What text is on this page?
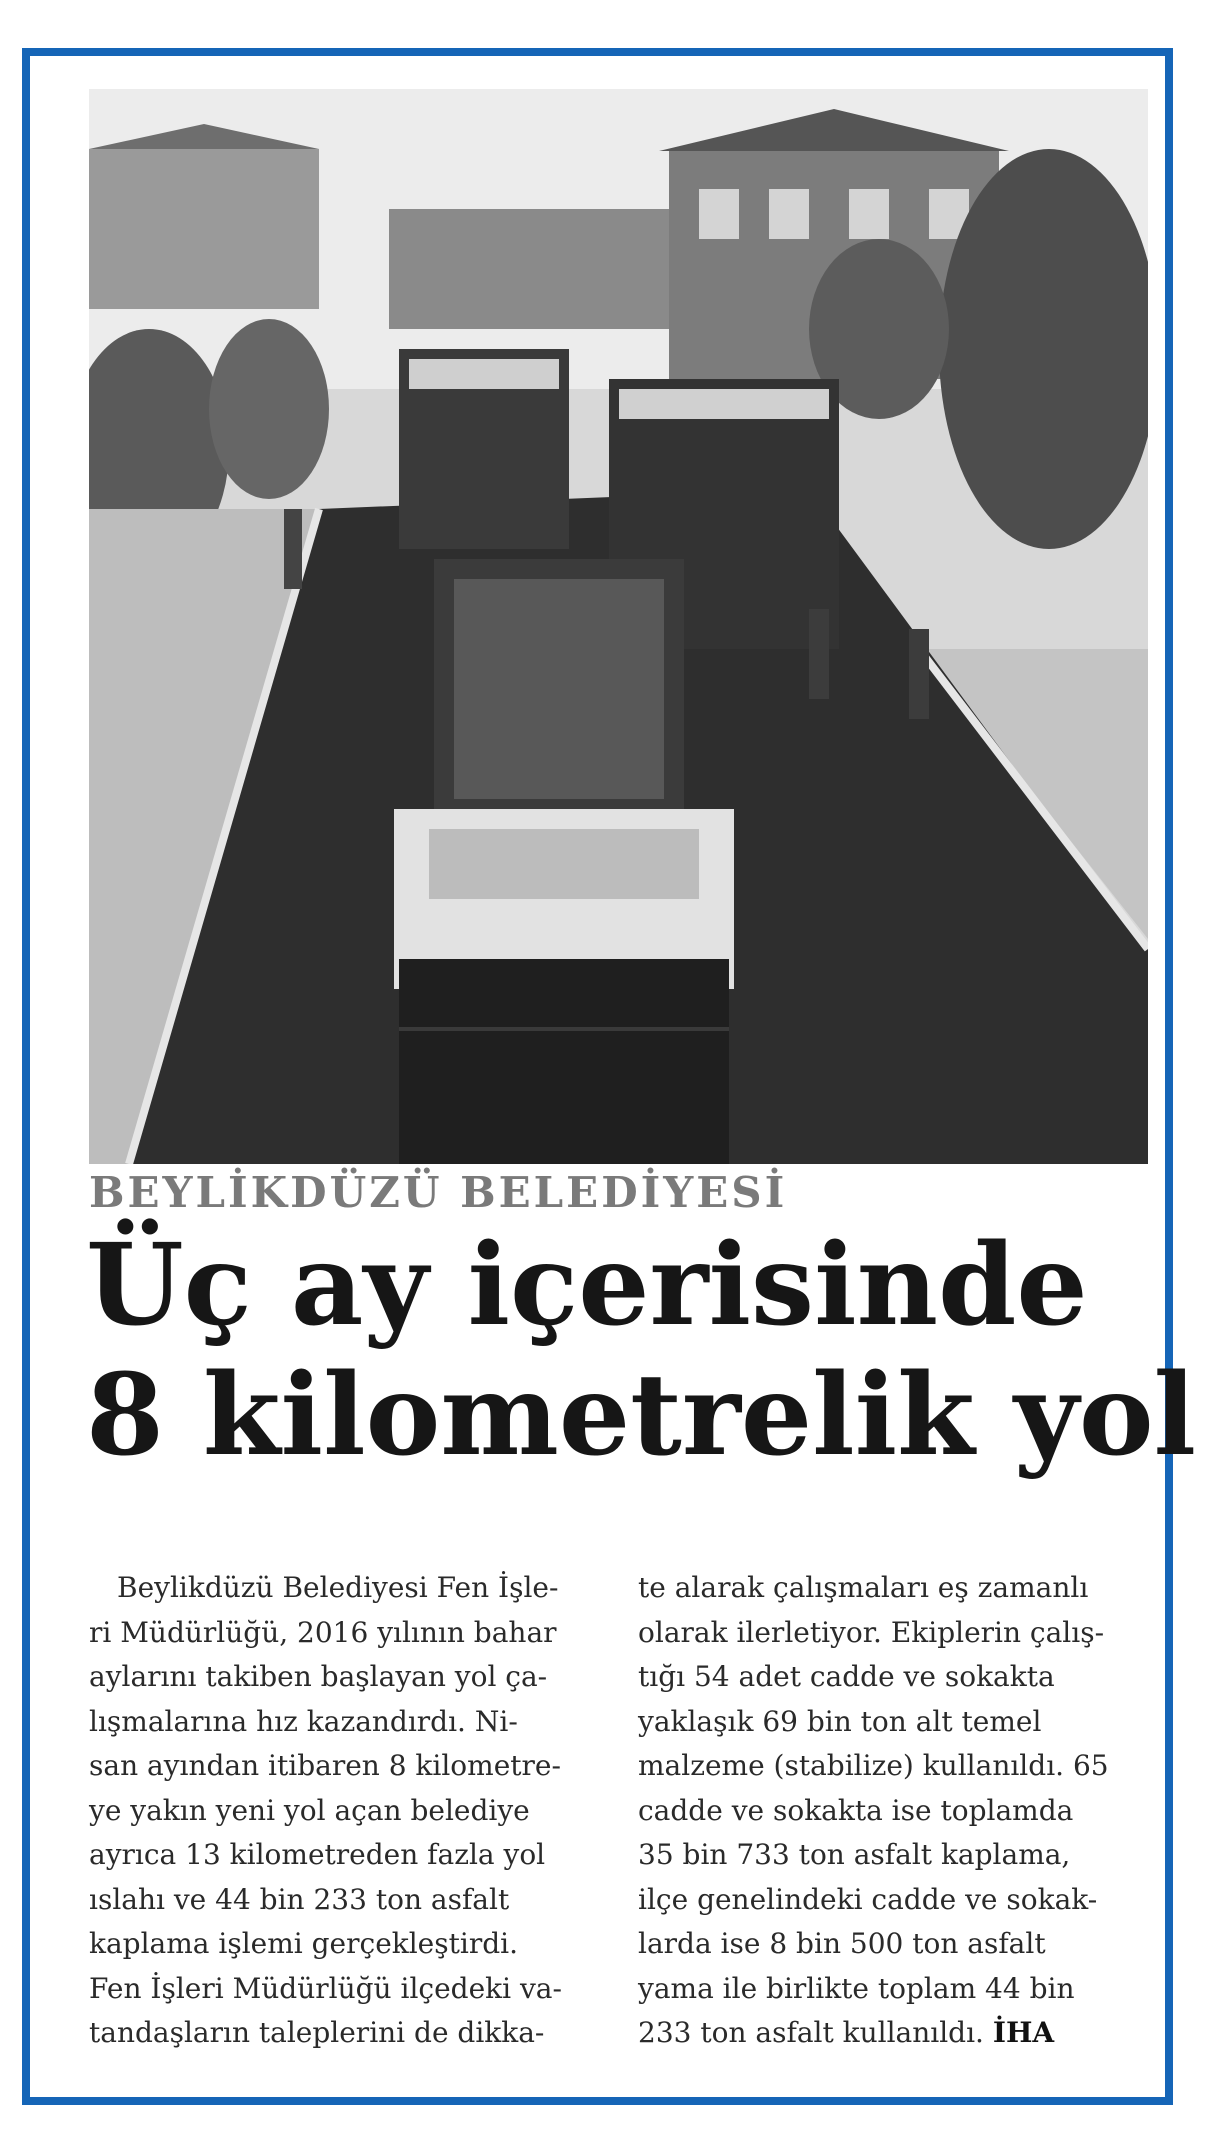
BEYLİKDÜZÜ BELEDİYESİ
Üç ay içerisinde
8 kilometrelik yol
Beylikdüzü Belediyesi Fen İşle-
ri Müdürlüğü, 2016 yılının bahar
aylarını takiben başlayan yol ça-
lışmalarına hız kazandırdı. Ni-
san ayından itibaren 8 kilometre-
ye yakın yeni yol açan belediye
ayrıca 13 kilometreden fazla yol
ıslahı ve 44 bin 233 ton asfalt
kaplama işlemi gerçekleştirdi.
Fen İşleri Müdürlüğü ilçedeki va-
tandaşların taleplerini de dikka-
te alarak çalışmaları eş zamanlı
olarak ilerletiyor. Ekiplerin çalış-
tığı 54 adet cadde ve sokakta
yaklaşık 69 bin ton alt temel
malzeme (stabilize) kullanıldı. 65
cadde ve sokakta ise toplamda
35 bin 733 ton asfalt kaplama,
ilçe genelindeki cadde ve sokak-
larda ise 8 bin 500 ton asfalt
yama ile birlikte toplam 44 bin
233 ton asfalt kullanıldı. İHA
